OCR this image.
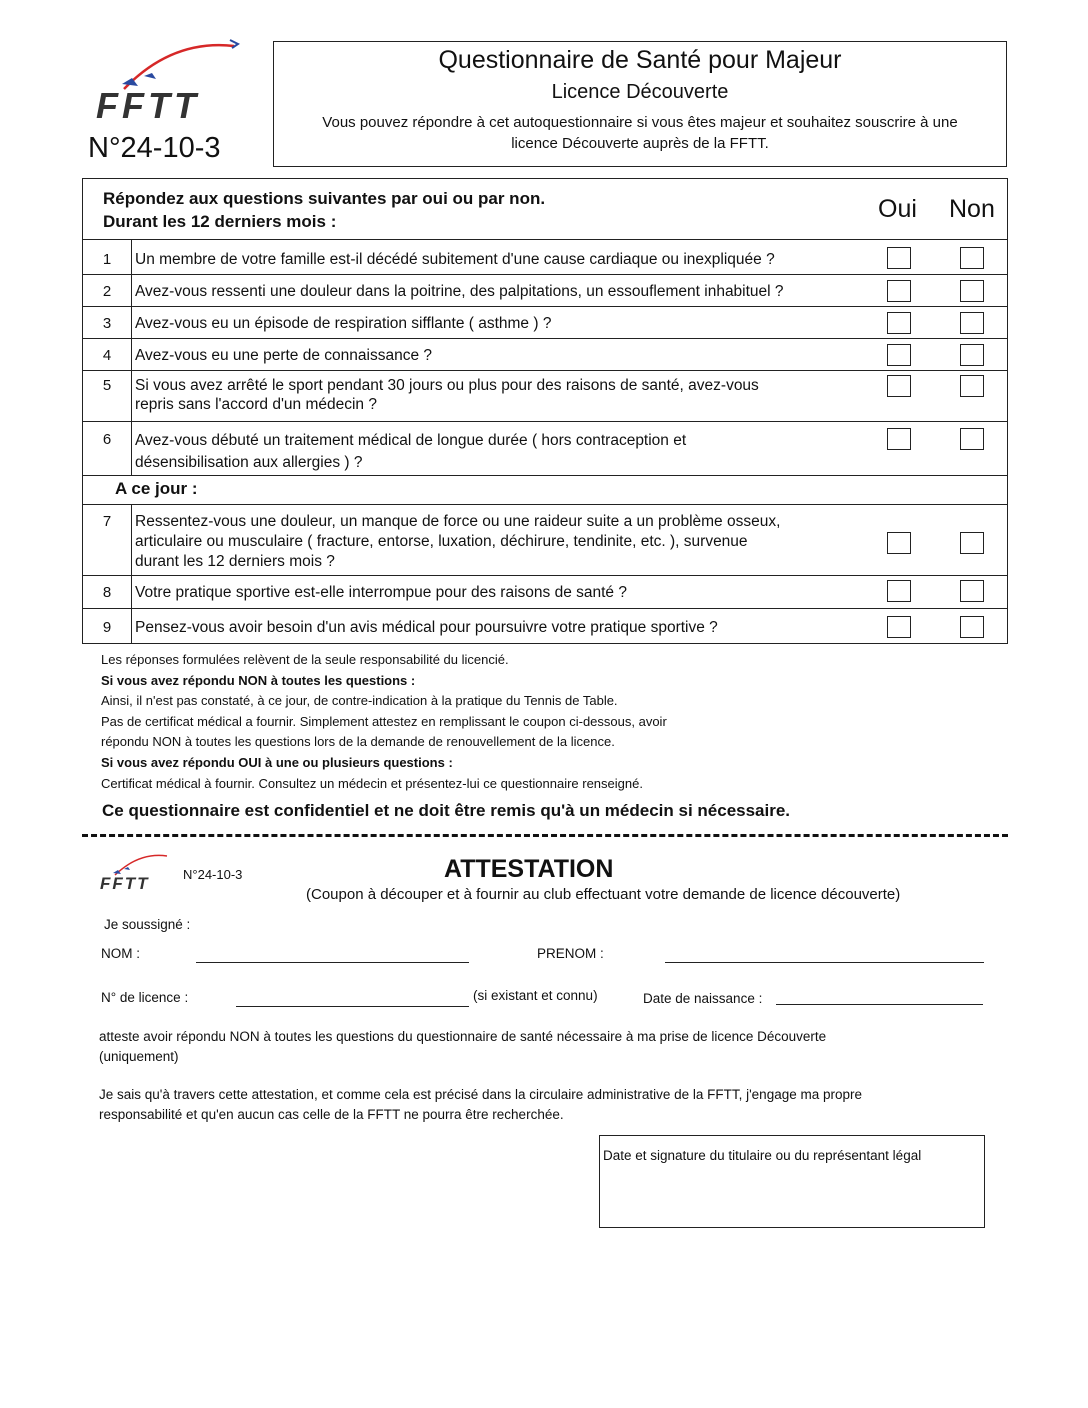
FFTT
N°24-10-3
Questionnaire de Santé pour Majeur
Licence Découverte
Vous pouvez répondre à cet autoquestionnaire si vous êtes majeur et souhaitez souscrire à une licence Découverte auprès de la FFTT.
Répondez aux questions suivantes par oui ou par non.
Durant les 12 derniers mois :	Oui Non
1	Un membre de votre famille est-il décédé subitement d'une cause cardiaque ou inexpliquée ?
2	Avez-vous ressenti une douleur dans la poitrine, des palpitations, un essouflement inhabituel ?
3	Avez-vous eu un épisode de respiration sifflante ( asthme ) ?
4	Avez-vous eu une perte de connaissance ?
5	Si vous avez arrêté le sport pendant 30 jours ou plus pour des raisons de santé, avez-vous
repris sans l'accord d'un médecin ?
6	Avez-vous débuté un traitement médical de longue durée ( hors contraception et
désensibilisation aux allergies ) ?
A ce jour :
7	Ressentez-vous une douleur, un manque de force ou une raideur suite a un problème osseux,
articulaire ou musculaire ( fracture, entorse, luxation, déchirure, tendinite, etc. ), survenue
durant les 12 derniers mois ?
8	Votre pratique sportive est-elle interrompue pour des raisons de santé ?
9	Pensez-vous avoir besoin d'un avis médical pour poursuivre votre pratique sportive ?
Les réponses formulées relèvent de la seule responsabilité du licencié.
Si vous avez répondu NON à toutes les questions :
Ainsi, il n'est pas constaté, à ce jour, de contre-indication à la pratique du Tennis de Table.
Pas de certificat médical a fournir. Simplement attestez en remplissant le coupon ci-dessous, avoir
répondu NON à toutes les questions lors de la demande de renouvellement de la licence.
Si vous avez répondu OUI à une ou plusieurs questions :
Certificat médical à fournir. Consultez un médecin et présentez-lui ce questionnaire renseigné.
Ce questionnaire est confidentiel et ne doit être remis qu'à un médecin si nécessaire.
FFTT	N°24-10-3	ATTESTATION
(Coupon à découper et à fournir au club effectuant votre demande de licence découverte)
Je soussigné :
NOM :	PRENOM :
N° de licence :	(si existant et connu)	Date de naissance :
atteste avoir répondu NON à toutes les questions du questionnaire de santé nécessaire à ma prise de licence Découverte
(uniquement)
Je sais qu'à travers cette attestation, et comme cela est précisé dans la circulaire administrative de la FFTT, j'engage ma propre
responsabilité et qu'en aucun cas celle de la FFTT ne pourra être recherchée.
Date et signature du titulaire ou du représentant légal
